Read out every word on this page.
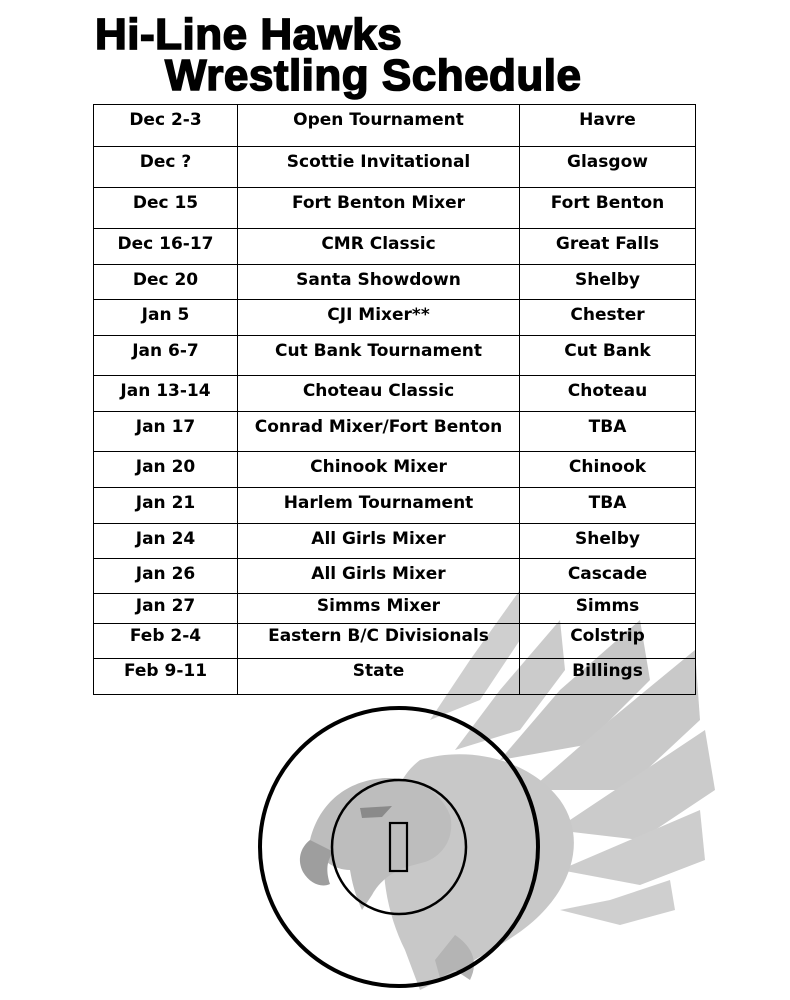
Hi-Line Hawks
Wrestling Schedule
Dec 2-3	Open Tournament	Havre
Dec ?	Scottie Invitational	Glasgow
Dec 15	Fort Benton Mixer	Fort Benton
Dec 16-17	CMR Classic	Great Falls
Dec 20	Santa Showdown	Shelby
Jan 5	CJI Mixer**	Chester
Jan 6-7	Cut Bank Tournament	Cut Bank
Jan 13-14	Choteau Classic	Choteau
Jan 17	Conrad Mixer/Fort Benton	TBA
Jan 20	Chinook Mixer	Chinook
Jan 21	Harlem Tournament	TBA
Jan 24	All Girls Mixer	Shelby
Jan 26	All Girls Mixer	Cascade
Jan 27	Simms Mixer	Simms
Feb 2-4	Eastern B/C Divisionals	Colstrip
Feb 9-11	State	Billings
